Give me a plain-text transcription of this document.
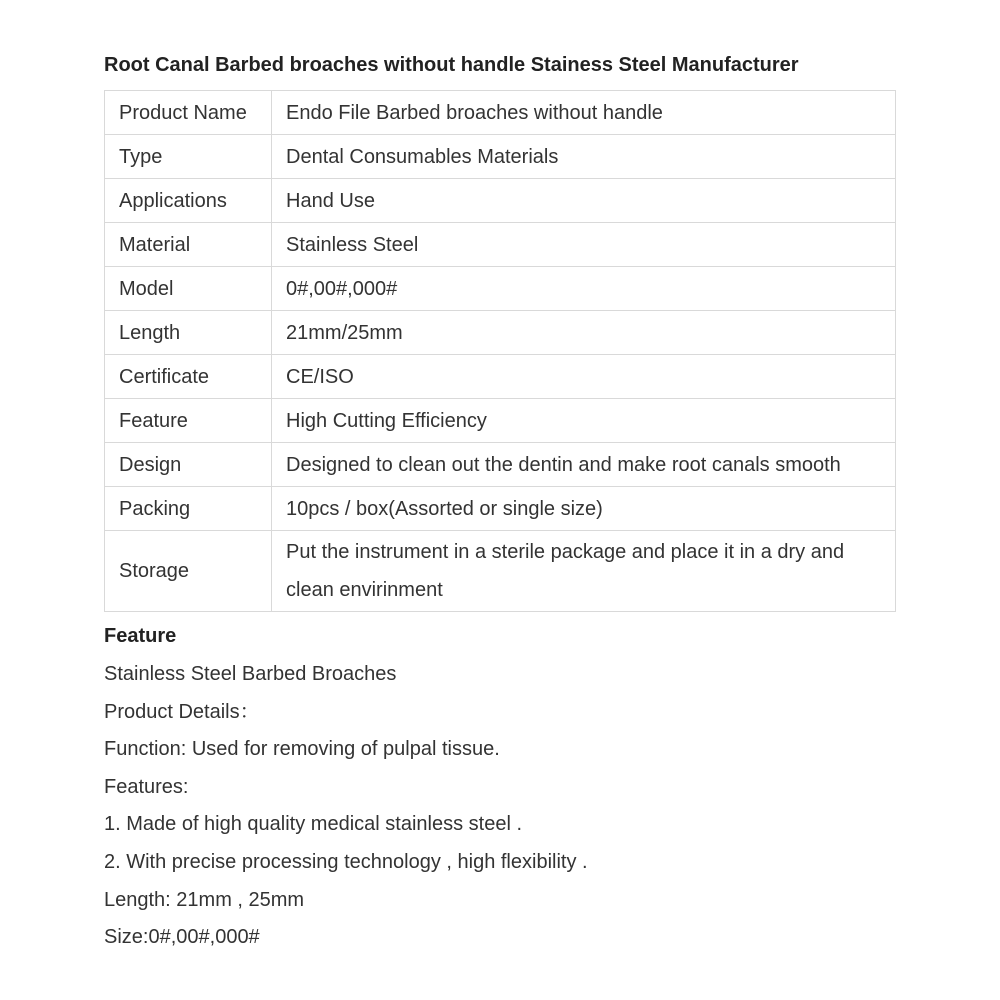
Root Canal Barbed broaches without handle Stainess Steel Manufacturer
Product Name	Endo File Barbed broaches without handle
Type	Dental Consumables Materials
Applications	Hand Use
Material	Stainless Steel
Model	0#,00#,000#
Length	21mm/25mm
Certificate	CE/ISO
Feature	High Cutting Efficiency
Design	Designed to clean out the dentin and make root canals smooth
Packing	10pcs / box(Assorted or single size)
Storage	Put the instrument in a sterile package and place it in a dry and clean envirinment
Feature
Stainless Steel Barbed Broaches
Product Details：
Function: Used for removing of pulpal tissue.
Features:
1. Made of high quality medical stainless steel .
2. With precise processing technology , high flexibility .
Length: 21mm , 25mm
Size:0#,00#,000#
